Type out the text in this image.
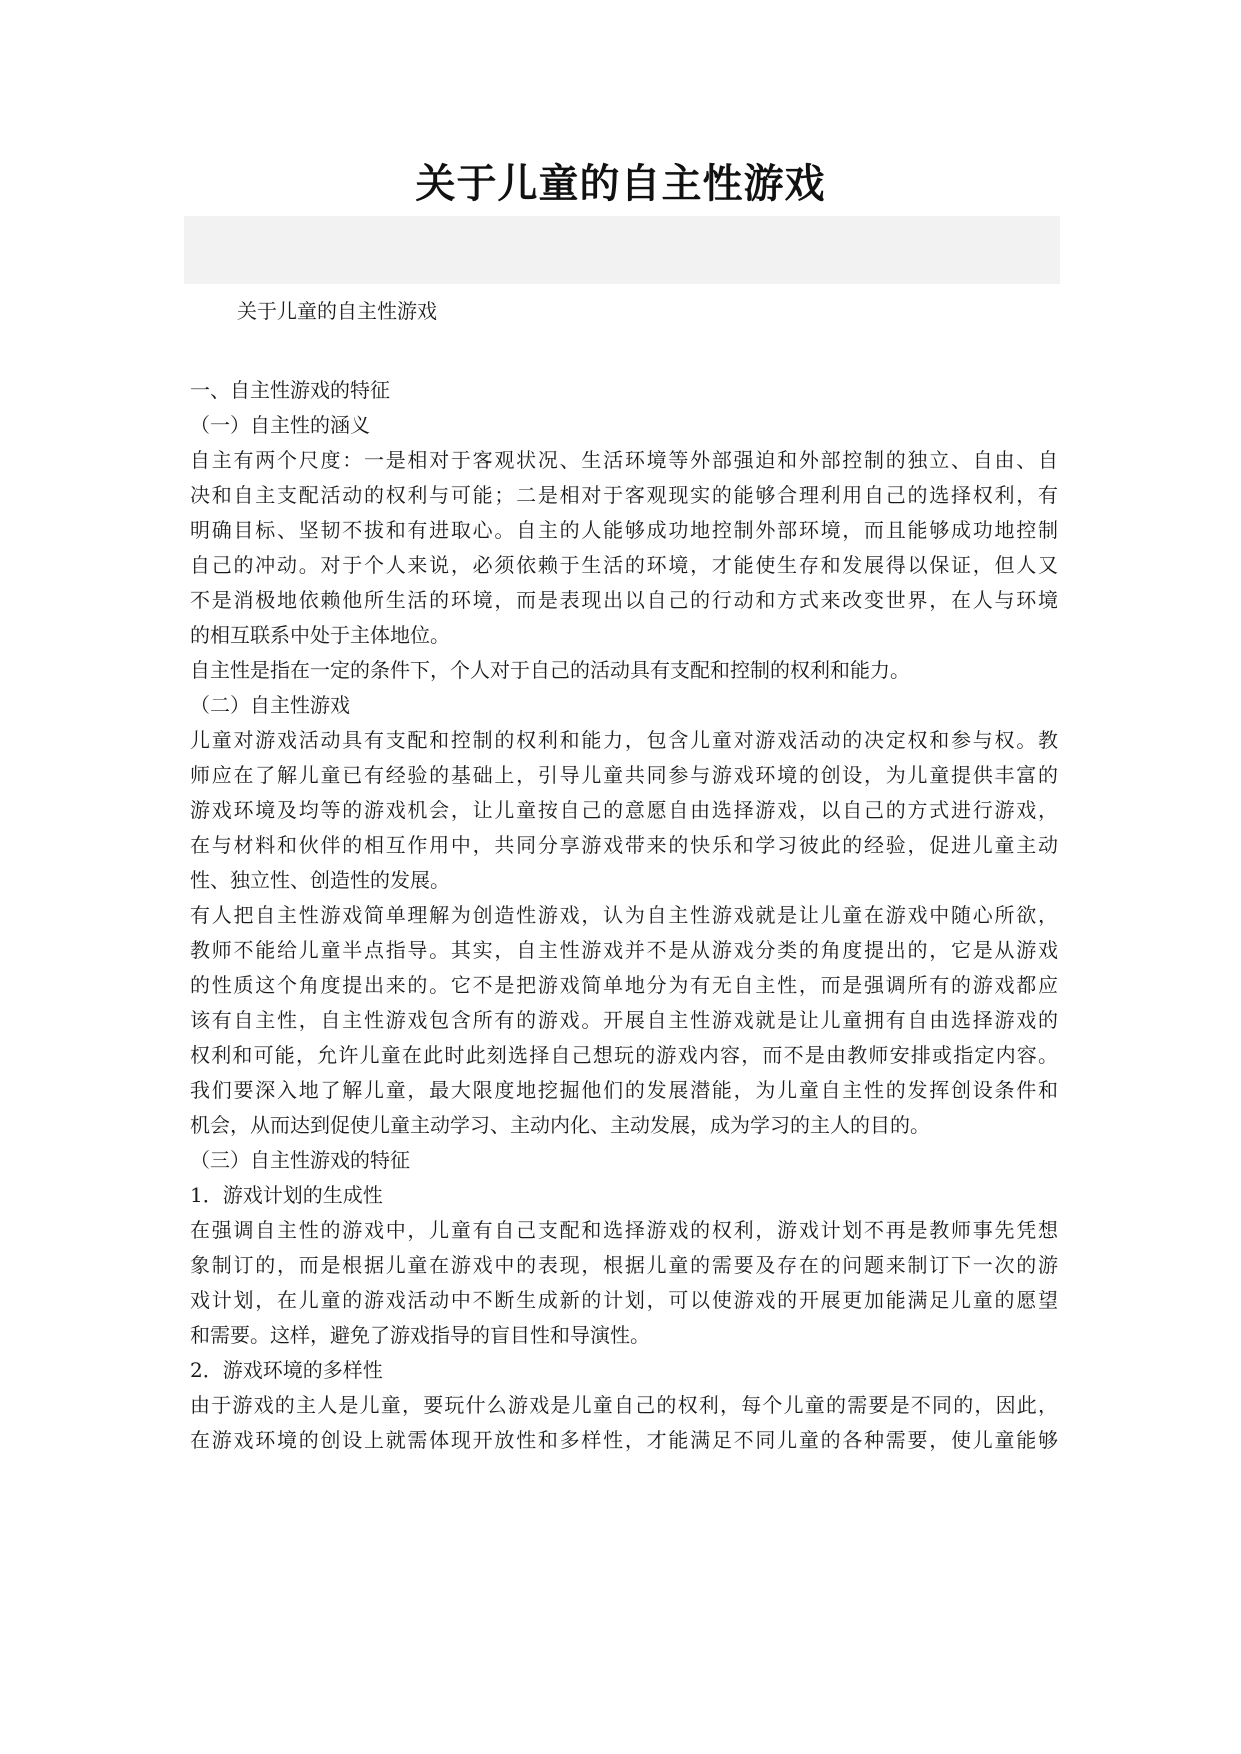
关于儿童的自主性游戏
关于儿童的自主性游戏
一、自主性游戏的特征
（一）自主性的涵义
自主有两个尺度：一是相对于客观状况、生活环境等外部强迫和外部控制的独立、自由、自
决和自主支配活动的权利与可能；二是相对于客观现实的能够合理利用自己的选择权利，有
明确目标、坚韧不拔和有进取心。自主的人能够成功地控制外部环境，而且能够成功地控制
自己的冲动。对于个人来说，必须依赖于生活的环境，才能使生存和发展得以保证，但人又
不是消极地依赖他所生活的环境，而是表现出以自己的行动和方式来改变世界，在人与环境
的相互联系中处于主体地位。
自主性是指在一定的条件下，个人对于自己的活动具有支配和控制的权利和能力。
（二）自主性游戏
儿童对游戏活动具有支配和控制的权利和能力，包含儿童对游戏活动的决定权和参与权。教
师应在了解儿童已有经验的基础上，引导儿童共同参与游戏环境的创设，为儿童提供丰富的
游戏环境及均等的游戏机会，让儿童按自己的意愿自由选择游戏，以自己的方式进行游戏，
在与材料和伙伴的相互作用中，共同分享游戏带来的快乐和学习彼此的经验，促进儿童主动
性、独立性、创造性的发展。
有人把自主性游戏简单理解为创造性游戏，认为自主性游戏就是让儿童在游戏中随心所欲，
教师不能给儿童半点指导。其实，自主性游戏并不是从游戏分类的角度提出的，它是从游戏
的性质这个角度提出来的。它不是把游戏简单地分为有无自主性，而是强调所有的游戏都应
该有自主性，自主性游戏包含所有的游戏。开展自主性游戏就是让儿童拥有自由选择游戏的
权利和可能，允许儿童在此时此刻选择自己想玩的游戏内容，而不是由教师安排或指定内容。
我们要深入地了解儿童，最大限度地挖掘他们的发展潜能，为儿童自主性的发挥创设条件和
机会，从而达到促使儿童主动学习、主动内化、主动发展，成为学习的主人的目的。
（三）自主性游戏的特征
1．游戏计划的生成性
在强调自主性的游戏中，儿童有自己支配和选择游戏的权利，游戏计划不再是教师事先凭想
象制订的，而是根据儿童在游戏中的表现，根据儿童的需要及存在的问题来制订下一次的游
戏计划，在儿童的游戏活动中不断生成新的计划，可以使游戏的开展更加能满足儿童的愿望
和需要。这样，避免了游戏指导的盲目性和导演性。
2．游戏环境的多样性
由于游戏的主人是儿童，要玩什么游戏是儿童自己的权利，每个儿童的需要是不同的，因此，
在游戏环境的创设上就需体现开放性和多样性，才能满足不同儿童的各种需要，使儿童能够
